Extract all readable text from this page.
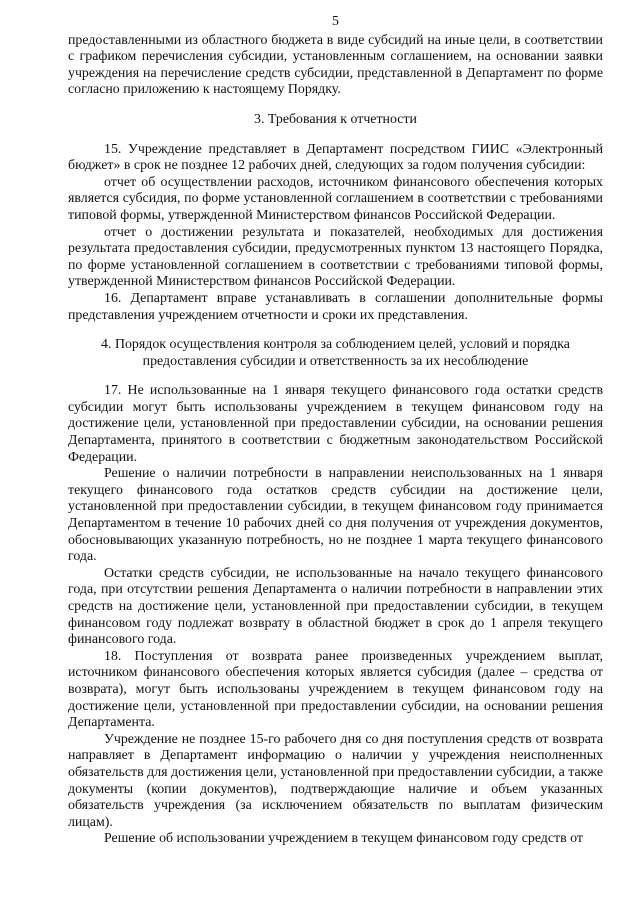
5

предоставленными из областного бюджета в виде субсидий на иные цели, в соответствии с графиком перечисления субсидии, установленным соглашением, на основании заявки учреждения на перечисление средств субсидии, представленной в Департамент по форме согласно приложению к настоящему Порядку.

3. Требования к отчетности

15. Учреждение представляет в Департамент посредством ГИИС «Электронный бюджет» в срок не позднее 12 рабочих дней, следующих за годом получения субсидии:

отчет об осуществлении расходов, источником финансового обеспечения которых является субсидия, по форме установленной соглашением в соответствии с требованиями типовой формы, утвержденной Министерством финансов Российской Федерации.

отчет о достижении результата и показателей, необходимых для достижения результата предоставления субсидии, предусмотренных пунктом 13 настоящего Порядка, по форме установленной соглашением в соответствии с требованиями типовой формы, утвержденной Министерством финансов Российской Федерации.

16. Департамент вправе устанавливать в соглашении дополнительные формы представления учреждением отчетности и сроки их представления.

4. Порядок осуществления контроля за соблюдением целей, условий и порядка

предоставления субсидии и ответственность за их несоблюдение

17. Не использованные на 1 января текущего финансового года остатки средств субсидии могут быть использованы учреждением в текущем финансовом году на достижение цели, установленной при предоставлении субсидии, на основании решения Департамента, принятого в соответствии с бюджетным законодательством Российской Федерации.

Решение о наличии потребности в направлении неиспользованных на 1 января текущего финансового года остатков средств субсидии на достижение цели, установленной при предоставлении субсидии, в текущем финансовом году принимается Департаментом в течение 10 рабочих дней со дня получения от учреждения документов, обосновывающих указанную потребность, но не позднее 1 марта текущего финансового года.

Остатки средств субсидии, не использованные на начало текущего финансового года, при отсутствии решения Департамента о наличии потребности в направлении этих средств на достижение цели, установленной при предоставлении субсидии, в текущем финансовом году подлежат возврату в областной бюджет в срок до 1 апреля текущего финансового года.

18. Поступления от возврата ранее произведенных учреждением выплат, источником финансового обеспечения которых является субсидия (далее – средства от возврата), могут быть использованы учреждением в текущем финансовом году на достижение цели, установленной при предоставлении субсидии, на основании решения Департамента.

Учреждение не позднее 15-го рабочего дня со дня поступления средств от возврата направляет в Департамент информацию о наличии у учреждения неисполненных обязательств для достижения цели, установленной при предоставлении субсидии, а также документы (копии документов), подтверждающие наличие и объем указанных обязательств учреждения (за исключением обязательств по выплатам физическим лицам).

Решение об использовании учреждением в текущем финансовом году средств от
